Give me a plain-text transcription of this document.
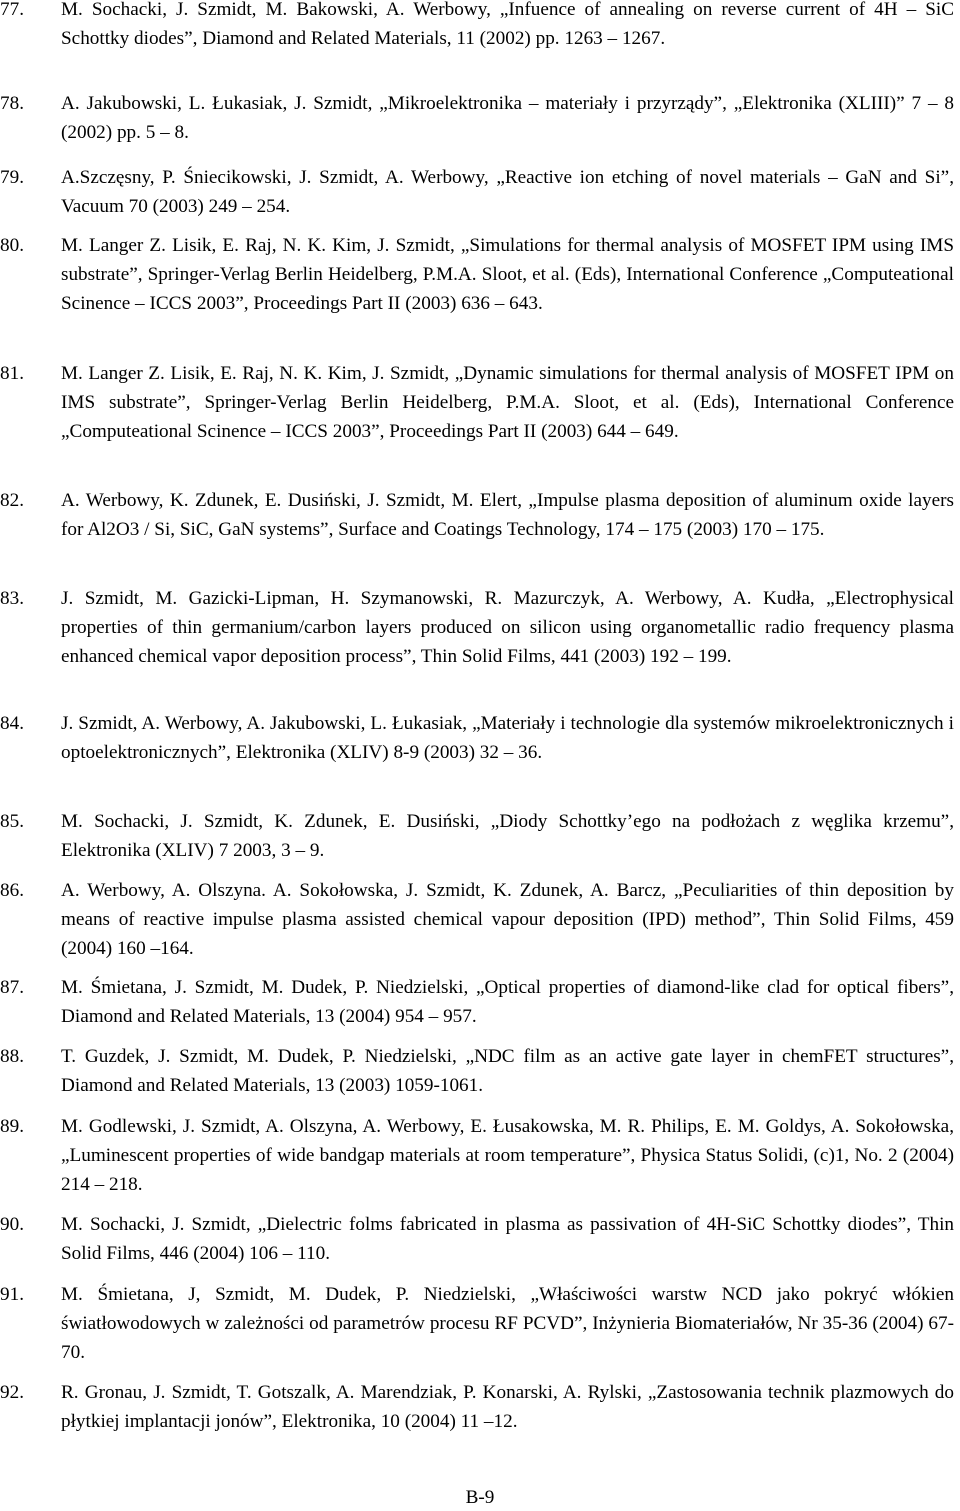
77.	M. Sochacki, J. Szmidt, M. Bakowski, A. Werbowy, „Infuence of annealing on reverse current of 4H – SiC Schottky diodes”, Diamond and Related Materials, 11 (2002) pp. 1263 – 1267.
78.	A. Jakubowski, L. Łukasiak, J. Szmidt, „Mikroelektronika – materiały i przyrządy”, „Elektronika (XLIII)” 7 – 8 (2002) pp. 5 – 8.
79.	A.Szczęsny, P. Śniecikowski, J. Szmidt, A. Werbowy, „Reactive ion etching of novel materials – GaN and Si”, Vacuum 70 (2003) 249 – 254.
80.	M. Langer Z. Lisik, E. Raj, N. K. Kim, J. Szmidt, „Simulations for thermal analysis of MOSFET IPM using IMS substrate”, Springer-Verlag Berlin Heidelberg, P.M.A. Sloot, et al. (Eds), International Conference „Computeational Scinence – ICCS 2003”, Proceedings Part II (2003) 636 – 643.
81.	M. Langer Z. Lisik, E. Raj, N. K. Kim, J. Szmidt, „Dynamic simulations for thermal analysis of MOSFET IPM on IMS substrate”, Springer-Verlag Berlin Heidelberg, P.M.A. Sloot, et al. (Eds), International Conference „Computeational Scinence – ICCS 2003”, Proceedings Part II (2003) 644 – 649.
82.	A. Werbowy, K. Zdunek, E. Dusiński, J. Szmidt, M. Elert, „Impulse plasma deposition of aluminum oxide layers for Al2O3 / Si, SiC, GaN systems”, Surface and Coatings Technology, 174 – 175 (2003) 170 – 175.
83.	J. Szmidt, M. Gazicki-Lipman, H. Szymanowski, R. Mazurczyk, A. Werbowy, A. Kudła, „Electrophysical properties of thin germanium/carbon layers produced on silicon using organometallic radio frequency plasma enhanced chemical vapor deposition process”, Thin Solid Films, 441 (2003) 192 – 199.
84.	J. Szmidt, A. Werbowy, A. Jakubowski, L. Łukasiak, „Materiały i technologie dla systemów mikroelektronicznych i optoelektronicznych”, Elektronika (XLIV) 8-9 (2003) 32 – 36.
85.	M. Sochacki, J. Szmidt, K. Zdunek, E. Dusiński, „Diody Schottky’ego na podłożach z węglika krzemu”, Elektronika (XLIV) 7 2003, 3 – 9.
86.	A. Werbowy, A. Olszyna. A. Sokołowska, J. Szmidt, K. Zdunek, A. Barcz, „Peculiarities of thin deposition by means of reactive impulse plasma assisted chemical vapour deposition (IPD) method”, Thin Solid Films, 459 (2004) 160 –164.
87.	M. Śmietana, J. Szmidt, M. Dudek, P. Niedzielski, „Optical properties of diamond-like clad for optical fibers”, Diamond and Related Materials, 13 (2004) 954 – 957.
88.	T. Guzdek, J. Szmidt, M. Dudek, P. Niedzielski, „NDC film as an active gate layer in chemFET structures”, Diamond and Related Materials, 13 (2003) 1059-1061.
89.	M. Godlewski, J. Szmidt, A. Olszyna, A. Werbowy, E. Łusakowska, M. R. Philips, E. M. Goldys, A. Sokołowska, „Luminescent properties of wide bandgap materials at room temperature”, Physica Status Solidi, (c)1, No. 2 (2004) 214 – 218.
90.	M. Sochacki, J. Szmidt, „Dielectric folms fabricated in plasma as passivation of 4H-SiC Schottky diodes”, Thin Solid Films, 446 (2004) 106 – 110.
91.	M. Śmietana, J, Szmidt, M. Dudek, P. Niedzielski, „Właściwości warstw NCD jako pokryć włókien światłowodowych w zależności od parametrów procesu RF PCVD”, Inżynieria Biomateriałów, Nr 35-36 (2004) 67-70.
92.	R. Gronau, J. Szmidt, T. Gotszalk, A. Marendziak, P. Konarski, A. Rylski, „Zastosowania technik plazmowych do płytkiej implantacji jonów”, Elektronika, 10 (2004) 11 –12.
B-9
